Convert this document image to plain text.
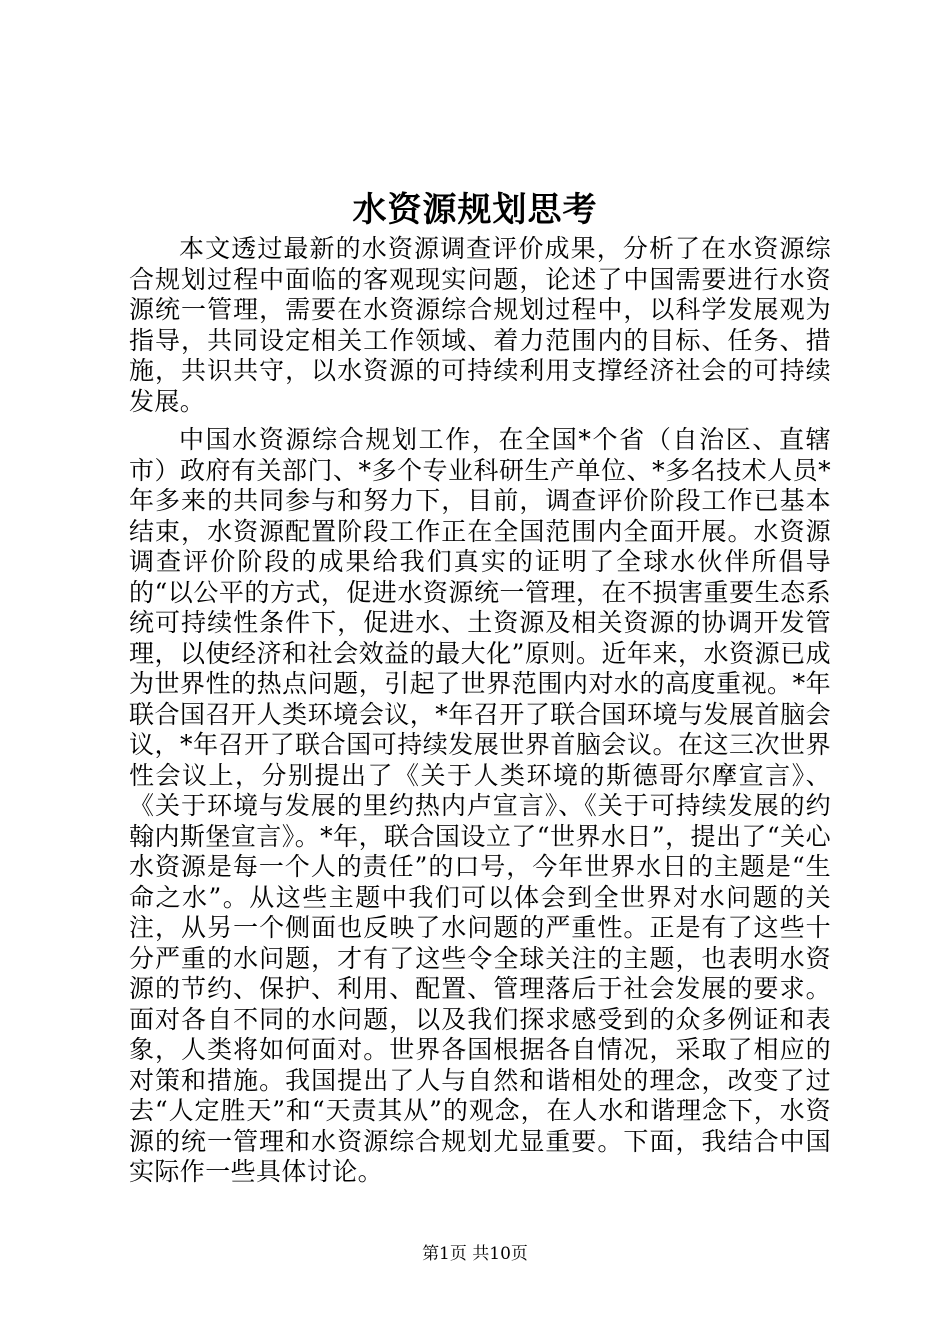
水资源规划思考

本文透过最新的水资源调查评价成果，分析了在水资源综合规划过程中面临的客观现实问题，论述了中国需要进行水资源统一管理，需要在水资源综合规划过程中，以科学发展观为指导，共同设定相关工作领域、着力范围内的目标、任务、措施，共识共守，以水资源的可持续利用支撑经济社会的可持续发展。

中国水资源综合规划工作，在全国*个省（自治区、直辖市）政府有关部门、*多个专业科研生产单位、*多名技术人员*年多来的共同参与和努力下，目前，调查评价阶段工作已基本结束，水资源配置阶段工作正在全国范围内全面开展。水资源调查评价阶段的成果给我们真实的证明了全球水伙伴所倡导的“以公平的方式，促进水资源统一管理，在不损害重要生态系统可持续性条件下，促进水、土资源及相关资源的协调开发管理，以使经济和社会效益的最大化”原则。近年来，水资源已成为世界性的热点问题，引起了世界范围内对水的高度重视。*年联合国召开人类环境会议，*年召开了联合国环境与发展首脑会议，*年召开了联合国可持续发展世界首脑会议。在这三次世界性会议上，分别提出了《关于人类环境的斯德哥尔摩宣言》、《关于环境与发展的里约热内卢宣言》、《关于可持续发展的约翰内斯堡宣言》。*年，联合国设立了“世界水日”，提出了“关心水资源是每一个人的责任”的口号，今年世界水日的主题是“生命之水”。从这些主题中我们可以体会到全世界对水问题的关注，从另一个侧面也反映了水问题的严重性。正是有了这些十分严重的水问题，才有了这些令全球关注的主题，也表明水资源的节约、保护、利用、配置、管理落后于社会发展的要求。面对各自不同的水问题，以及我们探求感受到的众多例证和表象，人类将如何面对。世界各国根据各自情况，采取了相应的对策和措施。我国提出了人与自然和谐相处的理念，改变了过去“人定胜天”和“天责其从”的观念，在人水和谐理念下，水资源的统一管理和水资源综合规划尤显重要。下面，我结合中国实际作一些具体讨论。

第1页 共10页
